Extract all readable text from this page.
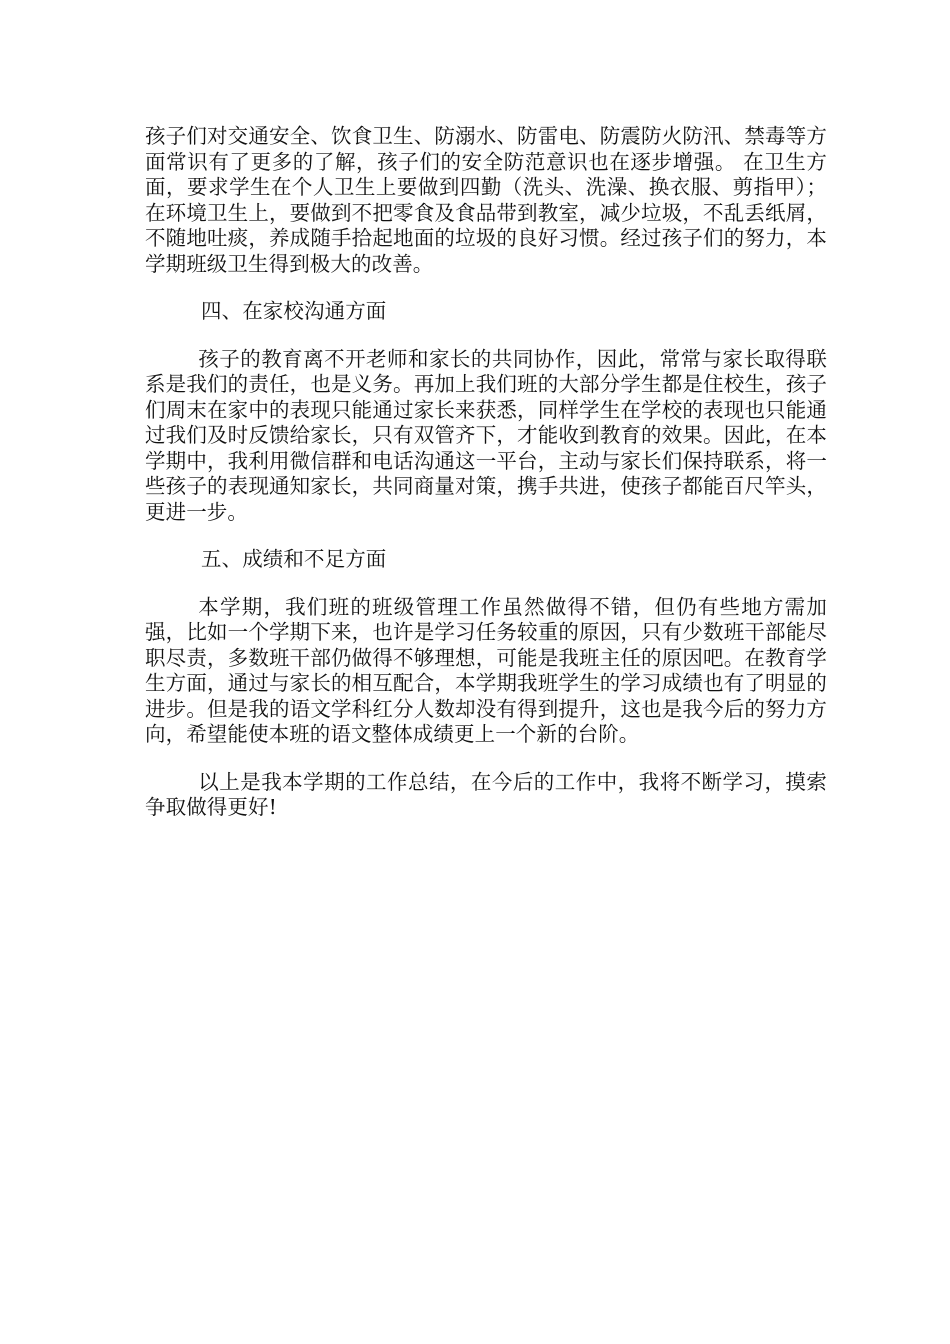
孩子们对交通安全、饮食卫生、防溺水、防雷电、防震防火防汛、禁毒等方面常识有了更多的了解，孩子们的安全防范意识也在逐步增强。 在卫生方面，要求学生在个人卫生上要做到四勤（洗头、洗澡、换衣服、剪指甲）；在环境卫生上，要做到不把零食及食品带到教室，减少垃圾，不乱丢纸屑，不随地吐痰，养成随手拾起地面的垃圾的良好习惯。经过孩子们的努力，本学期班级卫生得到极大的改善。

四、在家校沟通方面

孩子的教育离不开老师和家长的共同协作，因此，常常与家长取得联系是我们的责任，也是义务。再加上我们班的大部分学生都是住校生，孩子们周末在家中的表现只能通过家长来获悉，同样学生在学校的表现也只能通过我们及时反馈给家长，只有双管齐下，才能收到教育的效果。因此，在本学期中，我利用微信群和电话沟通这一平台，主动与家长们保持联系，将一些孩子的表现通知家长，共同商量对策，携手共进，使孩子都能百尺竿头，更进一步。

五、成绩和不足方面

本学期，我们班的班级管理工作虽然做得不错，但仍有些地方需加强，比如一个学期下来，也许是学习任务较重的原因，只有少数班干部能尽职尽责，多数班干部仍做得不够理想，可能是我班主任的原因吧。在教育学生方面，通过与家长的相互配合，本学期我班学生的学习成绩也有了明显的进步。但是我的语文学科红分人数却没有得到提升，这也是我今后的努力方向，希望能使本班的语文整体成绩更上一个新的台阶。

以上是我本学期的工作总结，在今后的工作中，我将不断学习，摸索争取做得更好!
